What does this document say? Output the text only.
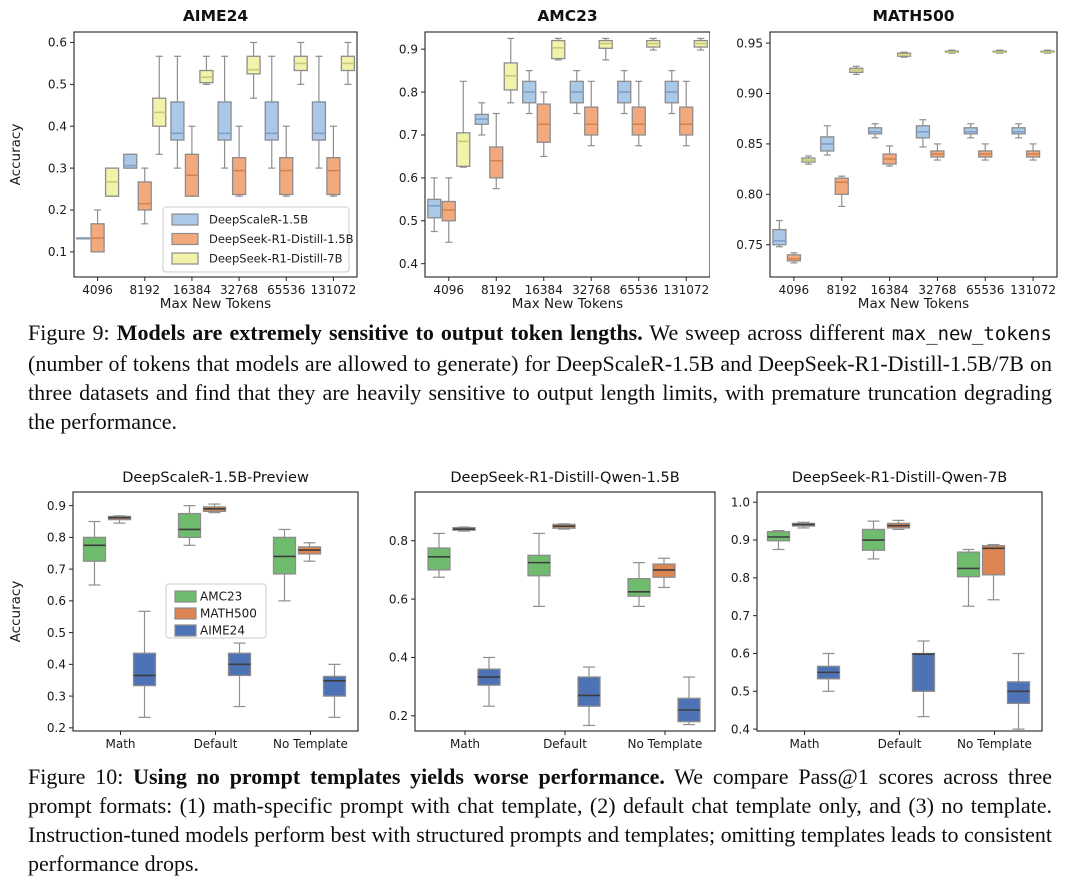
AIME24
0.1
0.2
0.3
0.4
0.5
0.6
4096 8192 16384 32768 65536 131072
Max New Tokens
Accuracy
DeepScaleR-1.5B
DeepSeek-R1-Distill-1.5B
DeepSeek-R1-Distill-7B
AMC23
0.4
0.5
0.6
0.7
0.8
0.9
4096 8192 16384 32768 65536 131072
Max New Tokens
MATH500
0.75
0.80
0.85
0.90
0.95
4096 8192 16384 32768 65536 131072
Max New Tokens

Figure 9: Models are extremely sensitive to output token lengths. We sweep across different max_new_tokens (number of tokens that models are allowed to generate) for DeepScaleR-1.5B and DeepSeek-R1-Distill-1.5B/7B on three datasets and find that they are heavily sensitive to output length limits, with premature truncation degrading the performance.

DeepScaleR-1.5B-Preview
0.2
0.3
0.4
0.5
0.6
0.7
0.8
0.9
Math	Default	No Template
Accuracy	AMC23
MATH500
AIME24
DeepSeek-R1-Distill-Qwen-1.5B
0.2
0.4
0.6
0.8
Math	Default	No Template
DeepSeek-R1-Distill-Qwen-7B
0.4
0.5
0.6
0.7
0.8
0.9
1.0
Math	Default	No Template

Figure 10: Using no prompt templates yields worse performance. We compare Pass@1 scores across three prompt formats: (1) math-specific prompt with chat template, (2) default chat template only, and (3) no template. Instruction-tuned models perform best with structured prompts and templates; omitting templates leads to consistent performance drops.
